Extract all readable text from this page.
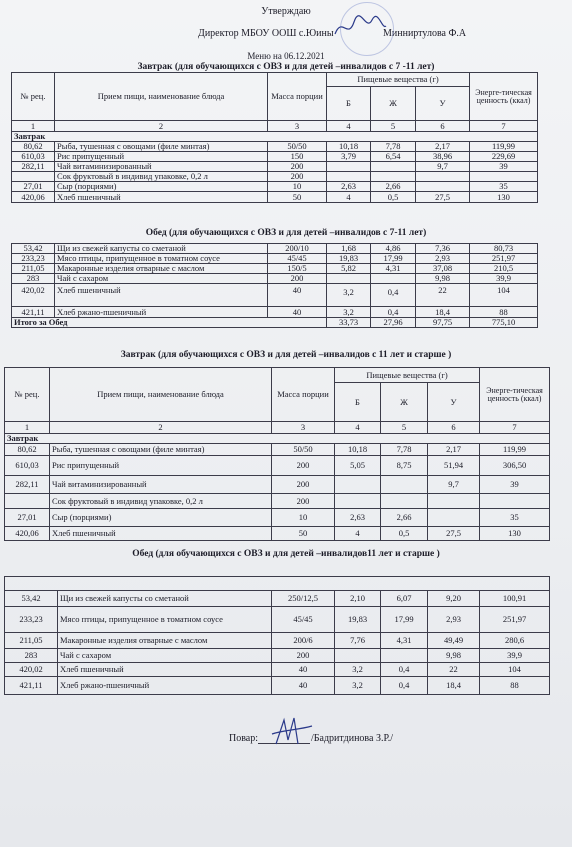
Утверждаю
Директор МБОУ ООШ с.Юины	Минниртулова Ф.А
Меню на 06.12.2021
Завтрак (для обучающихся с ОВЗ и для детей –инвалидов с 7 -11 лет)
№ рец.	Прием пищи, наименование блюда	Масса порции	Пищевые вещества (г)			Энерге-тическая ценность (ккал)
			Б	Ж	У	
1	2	3	4	5	6	7
Завтрак						
80,62	Рыба, тушенная с овощами (филе минтая)	50/50	10,18	7,78	2,17	119,99
610,03	Рис припущенный	150	3,79	6,54	38,96	229,69
282,11	Чай витаминизированный	200			9,7	39
	Сок фруктовый в индивид упаковке, 0,2 л	200				
27,01	Сыр (порциями)	10	2,63	2,66		35
420,06	Хлеб пшеничный	50	4	0,5	27,5	130
Обед (для обучающихся с ОВЗ и для детей –инвалидов с 7-11 лет)
53,42	Щи из свежей капусты со сметаной	200/10	1,68	4,86	7,36	80,73
233,23	Мясо птицы, припущенное в томатном соусе	45/45	19,83	17,99	2,93	251,97
211,05	Макаронные изделия отварные с маслом	150/5	5,82	4,31	37,08	210,5
283	Чай с сахаром	200			9,98	39,9
420,02	Хлеб пшеничный	40	3,2	0,4	22	104
421,11	Хлеб ржано-пшеничный	40	3,2	0,4	18,4	88
Итого за Обед			33,73	27,96	97,75	775,10
Завтрак (для обучающихся с ОВЗ и для детей –инвалидов с 11 лет и старше )
№ рец.	Прием пищи, наименование блюда	Масса порции	Пищевые вещества (г)			Энерге-тическая ценность (ккал)
			Б	Ж	У	
1	2	3	4	5	6	7
Завтрак						
80,62	Рыба, тушенная с овощами (филе минтая)	50/50	10,18	7,78	2,17	119,99
610,03	Рис припущенный	200	5,05	8,75	51,94	306,50
282,11	Чай витаминизированный	200			9,7	39
	Сок фруктовый в индивид упаковке, 0,2 л	200				
27,01	Сыр (порциями)	10	2,63	2,66		35
420,06	Хлеб пшеничный	50	4	0,5	27,5	130
Обед (для обучающихся с ОВЗ и для детей –инвалидов11 лет и старше )

53,42	Щи из свежей капусты со сметаной	250/12,5	2,10	6,07	9,20	100,91
233,23	Мясо птицы, припущенное в томатном соусе	45/45	19,83	17,99	2,93	251,97
211,05	Макаронные изделия отварные с маслом	200/6	7,76	4,31	49,49	280,6
283	Чай с сахаром	200			9,98	39,9
420,02	Хлеб пшеничный	40	3,2	0,4	22	104
421,11	Хлеб ржано-пшеничный	40	3,2	0,4	18,4	88
Повар:	/Бадритдинова З.Р./
